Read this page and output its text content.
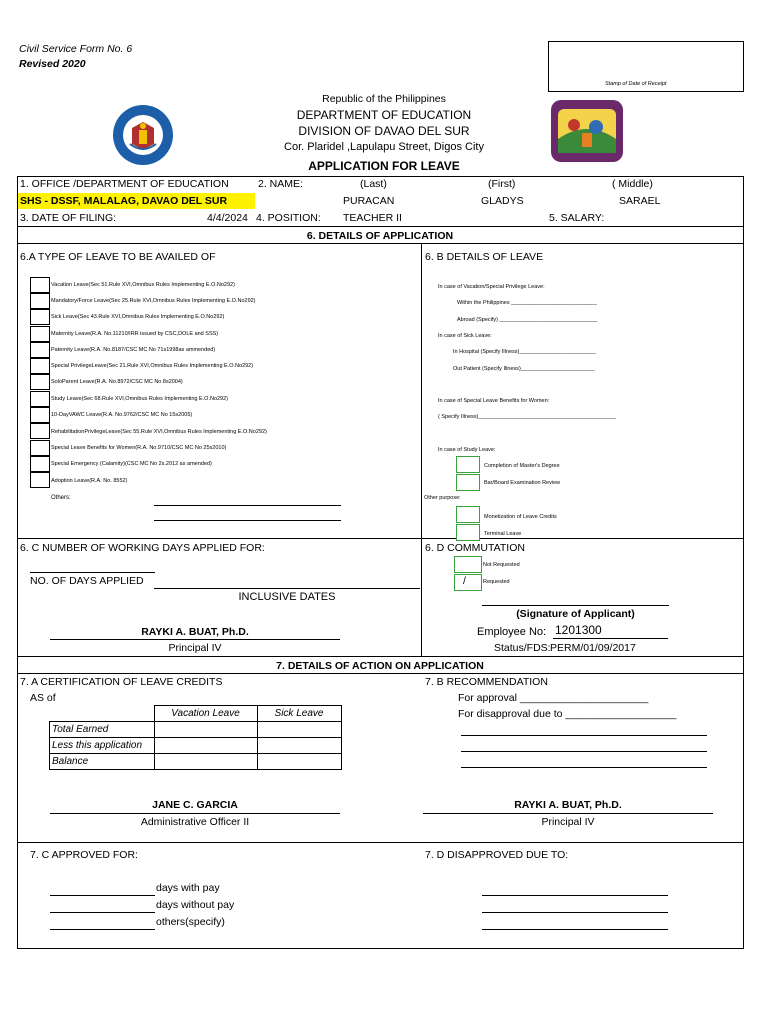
Civil Service Form No. 6
Revised 2020
Stamp of Date of Receipt
Republic of the Philippines
DEPARTMENT OF EDUCATION
DIVISION OF DAVAO DEL SUR
Cor. Plaridel ,Lapulapu Street, Digos City
APPLICATION FOR LEAVE
1. OFFICE /DEPARTMENT OF EDUCATION	2. NAME:	(Last)	(First)	( Middle)
SHS - DSSF, MALALAG, DAVAO DEL SUR	PURACAN	GLADYS	SARAEL
3. DATE OF FILING:	4/4/2024 4. POSITION: TEACHER II	5. SALARY:
6. DETAILS OF APPLICATION
6.A TYPE OF LEAVE TO BE AVAILED OF	6. B DETAILS OF LEAVE
Vacation Leave(Sec 51.Rule XVI,Omnibus Rules Implementing E.O.No292)
Mandatory/Force Leave(Sec 25.Rule XVI,Omnibus Rules Implementing E.O.No292)
Sick Leave(Sec 43.Rule XVI,Omnibus Rules Implementing E.O.No292)
Maternity Leave(R.A. No.11210/IRR issued by CSC,DOLE and SSS)
Paternity Leave(R.A. No.8187/CSC MC No 71s1998as ammended)
Special PrivilegeLeave(Sec 21.Rule XVI,Omnibus Rules Implementing E.O.No292)
SoloParent Leave(R.A. No.8972/CSC MC No 8s2004)
Study Leave(Sec 68.Rule XVI,Omnibus Rules Implementing E.O.No292)
10-DayVAWC Leave(R.A. No.9762/CSC MC No 15s2005)
RehabilitationPrivilegeLeave(Sec 55.Rule XVI,Omnibus Rules Implementing E.O.No292)
Special Leave Benefits for Women(R.A. No.9710/CSC MC No 25s2010)
Special Emergency (Calamity)(CSC MC No 2s.2012 as amended)
Adoption Leave(R.A. No. 8552)
Others:
In case of Vacation/Special Privilege Leave:
Within the Philippines ____________________________
Abroad (Specify) ________________________________
In case of Sick Leave:
In Hospital (Specify Illness)_________________________
Out Patient (Specify Illness)________________________
In case of Special Leave Benefits for Women:
( Specify Illness)_____________________________________________
In case of Study Leave:
Completion of Master's Degree
Bar/Board Examination Review
Other purpose:
Monetization of Leave Credits
Terminal Leave
6. C NUMBER OF WORKING DAYS APPLIED FOR:
NO. OF DAYS APPLIED
INCLUSIVE DATES
6. D COMMUTATION
Not Requested
/	Requested
(Signature of Applicant)
RAYKI A. BUAT, Ph.D.
Principal IV
Employee No: 1201300
Status/FDS: PERM/01/09/2017
7. DETAILS OF ACTION ON APPLICATION
7. A CERTIFICATION OF LEAVE CREDITS
AS of
	Vacation Leave	Sick Leave
Total Earned		
Less this application		
Balance		
7. B RECOMMENDATION
For approval ______________________
For disapproval due to ___________________
JANE C. GARCIA
Administrative Officer II
RAYKI A. BUAT, Ph.D.
Principal IV
7. C APPROVED FOR:
days with pay
days without pay
others(specify)
7. D DISAPPROVED DUE TO:
